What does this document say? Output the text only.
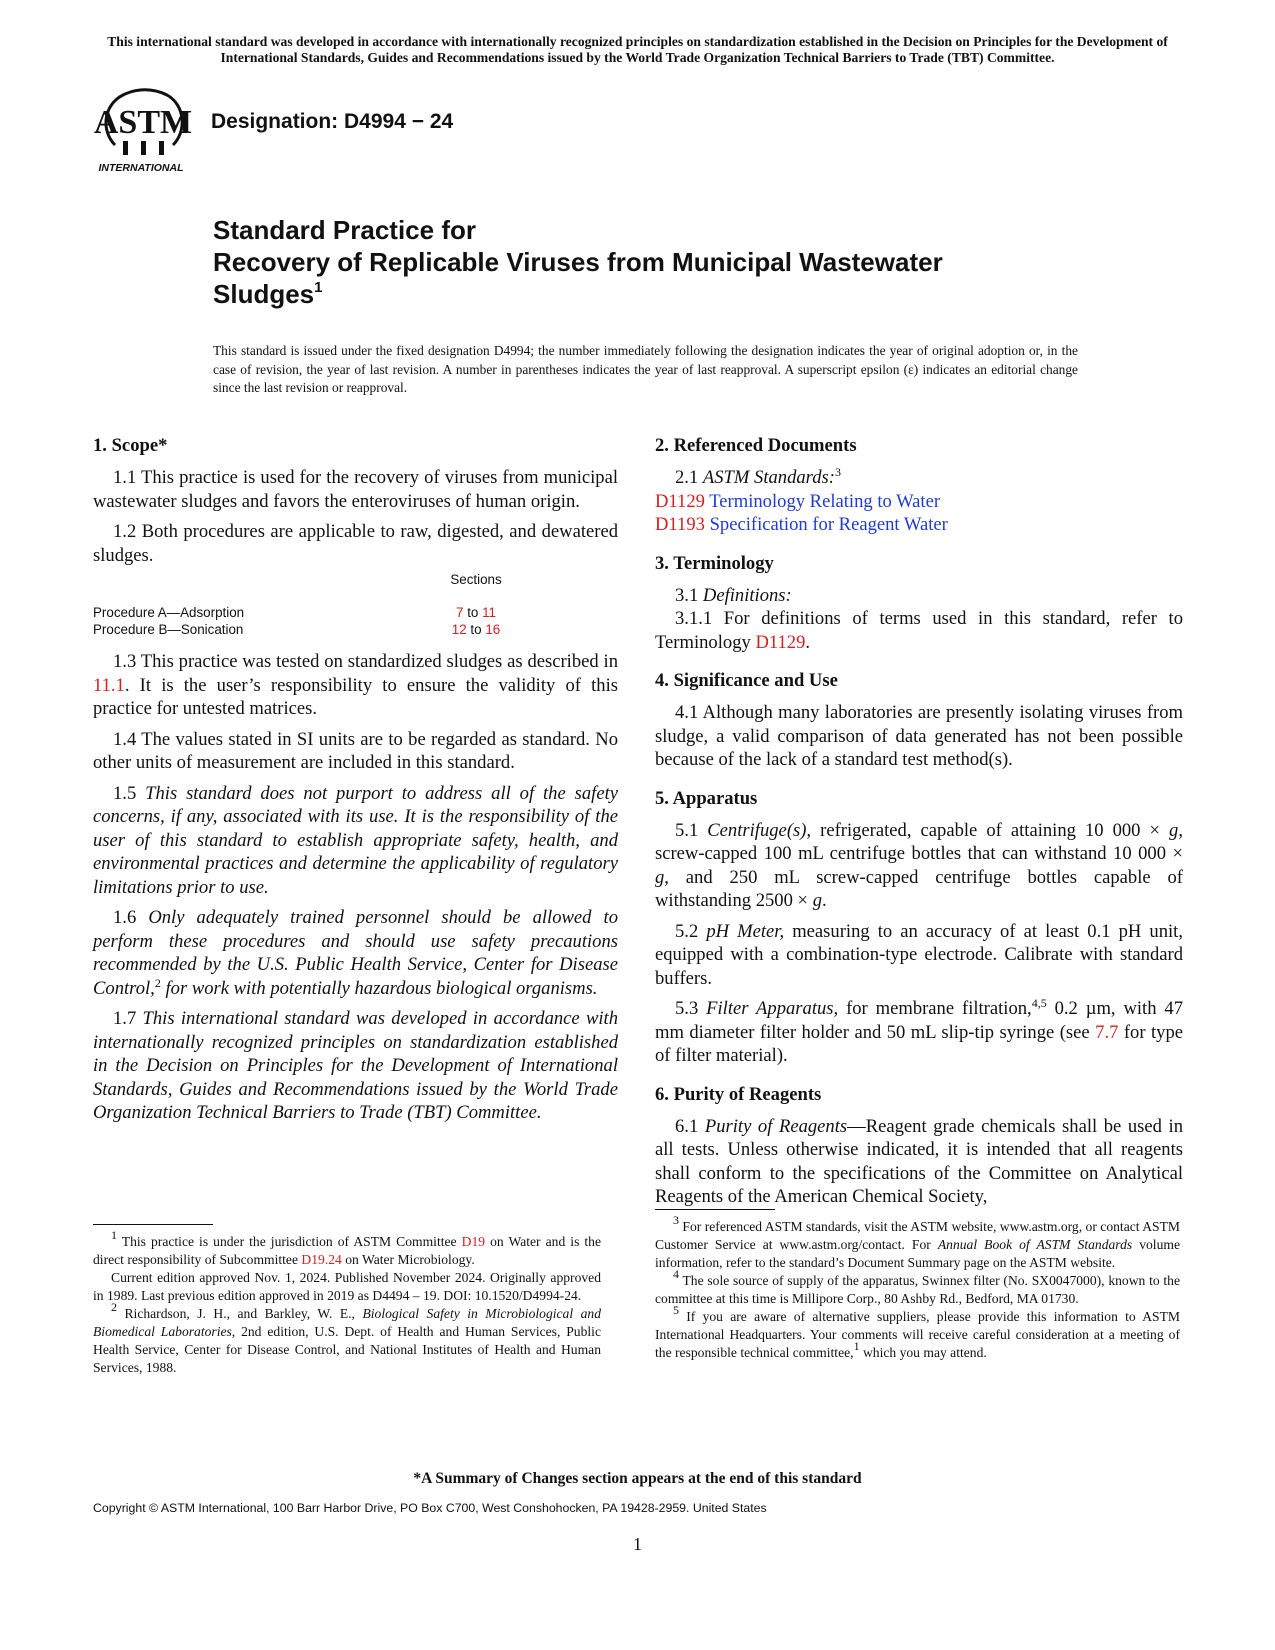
This international standard was developed in accordance with internationally recognized principles on standardization established in the Decision on Principles for the Development of International Standards, Guides and Recommendations issued by the World Trade Organization Technical Barriers to Trade (TBT) Committee.
ASTM
INTERNATIONAL
Designation: D4994 − 24
Standard Practice for
Recovery of Replicable Viruses from Municipal Wastewater
Sludges$^1$
This standard is issued under the fixed designation D4994; the number immediately following the designation indicates the year of original adoption or, in the case of revision, the year of last revision. A number in parentheses indicates the year of last reapproval. A superscript epsilon (ε) indicates an editorial change since the last revision or reapproval.
1. Scope*

1.1 This practice is used for the recovery of viruses from municipal wastewater sludges and favors the enteroviruses of human origin.

1.2 Both procedures are applicable to raw, digested, and dewatered sludges.

	Sections

Procedure A—Adsorption	7 to 11
Procedure B—Sonication	12 to 16

1.3 This practice was tested on standardized sludges as described in 11.1. It is the user’s responsibility to ensure the validity of this practice for untested matrices.

1.4 The values stated in SI units are to be regarded as standard. No other units of measurement are included in this standard.

1.5 This standard does not purport to address all of the safety concerns, if any, associated with its use. It is the responsibility of the user of this standard to establish appropriate safety, health, and environmental practices and determine the applicability of regulatory limitations prior to use.

1.6 Only adequately trained personnel should be allowed to perform these procedures and should use safety precautions recommended by the U.S. Public Health Service, Center for Disease Control,$^2$ for work with potentially hazardous biological organisms.

1.7 This international standard was developed in accordance with internationally recognized principles on standardization established in the Decision on Principles for the Development of International Standards, Guides and Recommendations issued by the World Trade Organization Technical Barriers to Trade (TBT) Committee.

2. Referenced Documents

2.1 ASTM Standards:$^3$

D1129 Terminology Relating to Water

D1193 Specification for Reagent Water

3. Terminology

3.1 Definitions:

3.1.1 For definitions of terms used in this standard, refer to Terminology D1129.

4. Significance and Use

4.1 Although many laboratories are presently isolating viruses from sludge, a valid comparison of data generated has not been possible because of the lack of a standard test method(s).

5. Apparatus

5.1 Centrifuge(s), refrigerated, capable of attaining 10 000 × g, screw-capped 100 mL centrifuge bottles that can withstand 10 000 × g, and 250 mL screw-capped centrifuge bottles capable of withstanding 2500 × g.

5.2 pH Meter, measuring to an accuracy of at least 0.1 pH unit, equipped with a combination-type electrode. Calibrate with standard buffers.

5.3 Filter Apparatus, for membrane filtration,$^{4,5}$ 0.2 µm, with 47 mm diameter filter holder and 50 mL slip-tip syringe (see 7.7 for type of filter material).

6. Purity of Reagents

6.1 Purity of Reagents—Reagent grade chemicals shall be used in all tests. Unless otherwise indicated, it is intended that all reagents shall conform to the specifications of the Committee on Analytical Reagents of the American Chemical Society,

$^1$ This practice is under the jurisdiction of ASTM Committee D19 on Water and is the direct responsibility of Subcommittee D19.24 on Water Microbiology.

Current edition approved Nov. 1, 2024. Published November 2024. Originally approved in 1989. Last previous edition approved in 2019 as D4494 – 19. DOI: 10.1520/D4994-24.

$^2$ Richardson, J. H., and Barkley, W. E., Biological Safety in Microbiological and Biomedical Laboratories, 2nd edition, U.S. Dept. of Health and Human Services, Public Health Service, Center for Disease Control, and National Institutes of Health and Human Services, 1988.

$^3$ For referenced ASTM standards, visit the ASTM website, www.astm.org, or contact ASTM Customer Service at www.astm.org/contact. For Annual Book of ASTM Standards volume information, refer to the standard’s Document Summary page on the ASTM website.

$^4$ The sole source of supply of the apparatus, Swinnex filter (No. SX0047000), known to the committee at this time is Millipore Corp., 80 Ashby Rd., Bedford, MA 01730.

$^5$ If you are aware of alternative suppliers, please provide this information to ASTM International Headquarters. Your comments will receive careful consideration at a meeting of the responsible technical committee,$^1$ which you may attend.

*A Summary of Changes section appears at the end of this standard
Copyright © ASTM International, 100 Barr Harbor Drive, PO Box C700, West Conshohocken, PA 19428-2959. United States
1
